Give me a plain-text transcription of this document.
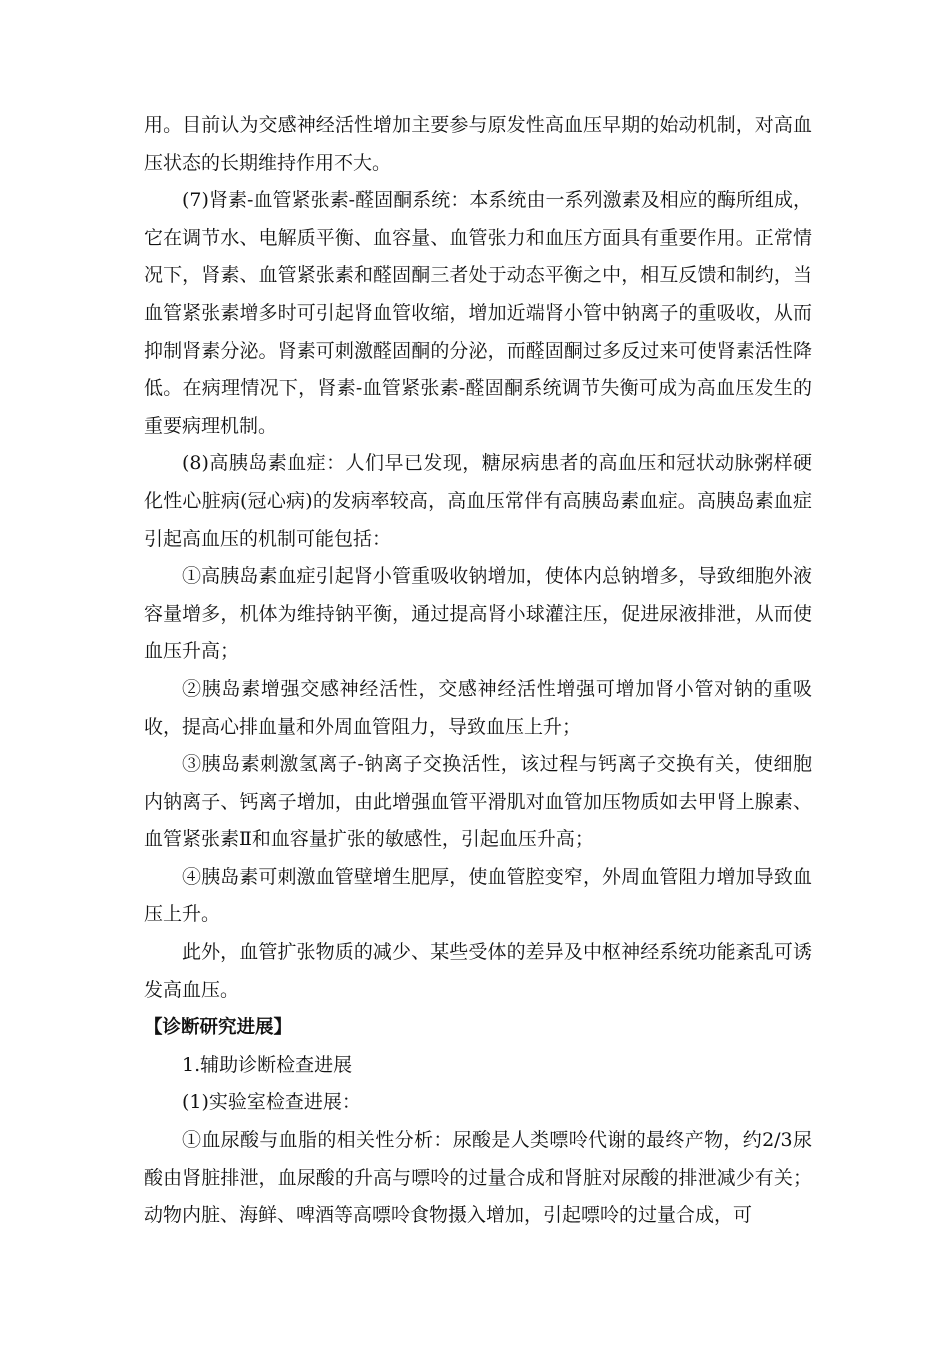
用。目前认为交感神经活性增加主要参与原发性高血压早期的始动机制，对高血压状态的长期维持作用不大。

(7)肾素-血管紧张素-醛固酮系统：本系统由一系列激素及相应的酶所组成，它在调节水、电解质平衡、血容量、血管张力和血压方面具有重要作用。正常情况下，肾素、血管紧张素和醛固酮三者处于动态平衡之中，相互反馈和制约，当血管紧张素增多时可引起肾血管收缩，增加近端肾小管中钠离子的重吸收，从而抑制肾素分泌。肾素可刺激醛固酮的分泌，而醛固酮过多反过来可使肾素活性降低。在病理情况下，肾素-血管紧张素-醛固酮系统调节失衡可成为高血压发生的重要病理机制。

(8)高胰岛素血症：人们早已发现，糖尿病患者的高血压和冠状动脉粥样硬化性心脏病(冠心病)的发病率较高，高血压常伴有高胰岛素血症。高胰岛素血症引起高血压的机制可能包括：

①高胰岛素血症引起肾小管重吸收钠增加，使体内总钠增多，导致细胞外液容量增多，机体为维持钠平衡，通过提高肾小球灌注压，促进尿液排泄，从而使血压升高；

②胰岛素增强交感神经活性，交感神经活性增强可增加肾小管对钠的重吸收，提高心排血量和外周血管阻力，导致血压上升；

③胰岛素刺激氢离子-钠离子交换活性，该过程与钙离子交换有关，使细胞内钠离子、钙离子增加，由此增强血管平滑肌对血管加压物质如去甲肾上腺素、血管紧张素Ⅱ和血容量扩张的敏感性，引起血压升高；

④胰岛素可刺激血管壁增生肥厚，使血管腔变窄，外周血管阻力增加导致血压上升。

此外，血管扩张物质的减少、某些受体的差异及中枢神经系统功能紊乱可诱发高血压。

【诊断研究进展】

1.辅助诊断检查进展

(1)实验室检查进展：

①血尿酸与血脂的相关性分析：尿酸是人类嘌呤代谢的最终产物，约2/3尿酸由肾脏排泄，血尿酸的升高与嘌呤的过量合成和肾脏对尿酸的排泄减少有关；动物内脏、海鲜、啤酒等高嘌呤食物摄入增加，引起嘌呤的过量合成，可
